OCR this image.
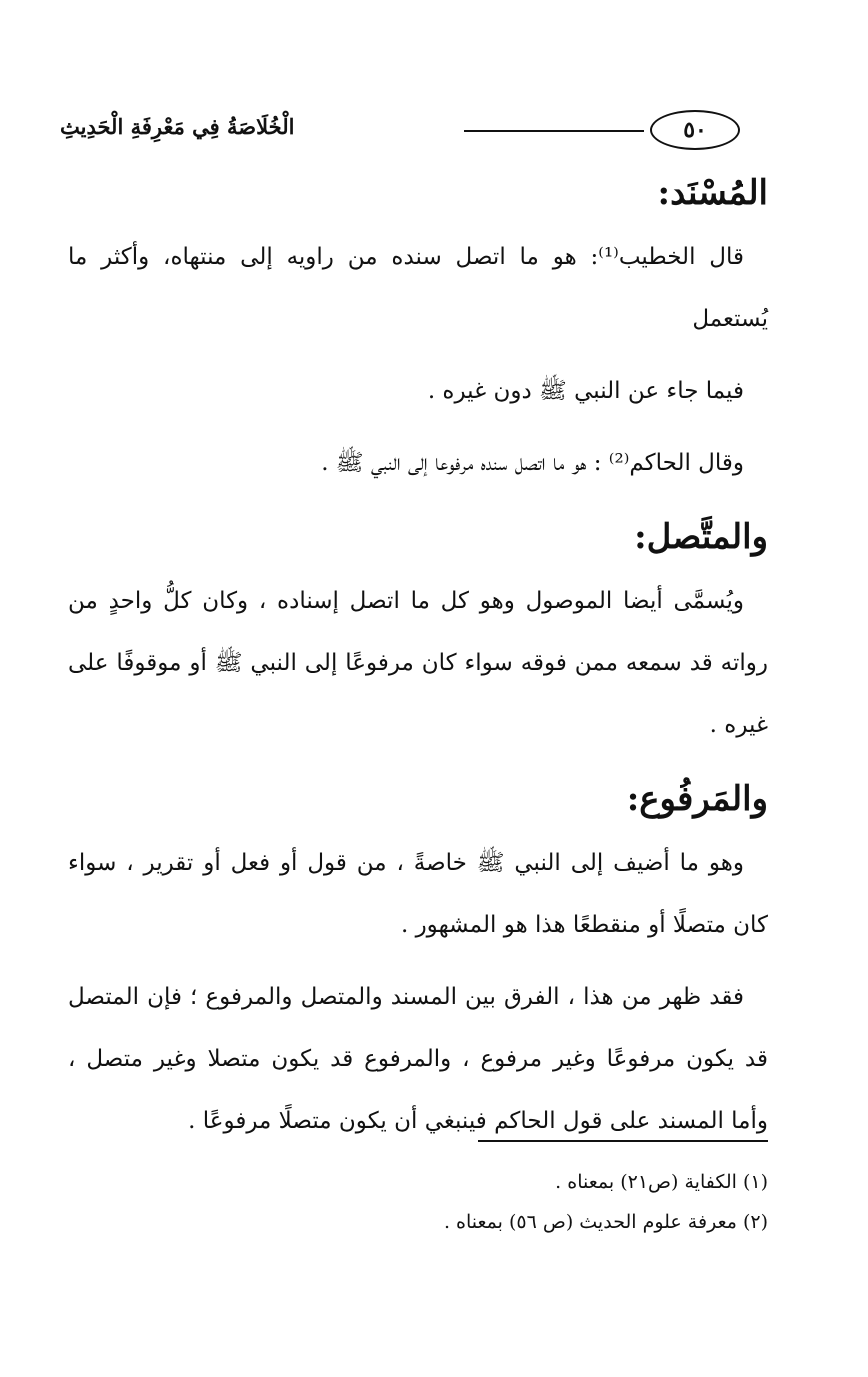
٥٠
الْخُلَاصَةُ فِي مَعْرِفَةِ الْحَدِيثِ
المُسْنَد:

قال الخطيب⁽¹⁾: هو ما اتصل سنده من راويه إلى منتهاه، وأكثر ما يُستعمل

فيما جاء عن النبي ﷺ دون غيره .

وقال الحاكم⁽²⁾ : هو ما اتصل سنده مرفوعا إلى النبي ﷺ .

والمتَّصل:

ويُسمَّى أيضا الموصول وهو كل ما اتصل إسناده ، وكان كلُّ واحدٍ من رواته قد سمعه ممن فوقه سواء كان مرفوعًا إلى النبي ﷺ أو موقوفًا على غيره .

والمَرفُوع:

وهو ما أضيف إلى النبي ﷺ خاصةً ، من قول أو فعل أو تقرير ، سواء كان متصلًا أو منقطعًا هذا هو المشهور .

فقد ظهر من هذا ، الفرق بين المسند والمتصل والمرفوع ؛ فإن المتصل قد يكون مرفوعًا وغير مرفوع ، والمرفوع قد يكون متصلا وغير متصل ، وأما المسند على قول الحاكم فينبغي أن يكون متصلًا مرفوعًا .

(١) الكفاية (ص٢١) بمعناه .

(٢) معرفة علوم الحديث (ص ٥٦) بمعناه .
